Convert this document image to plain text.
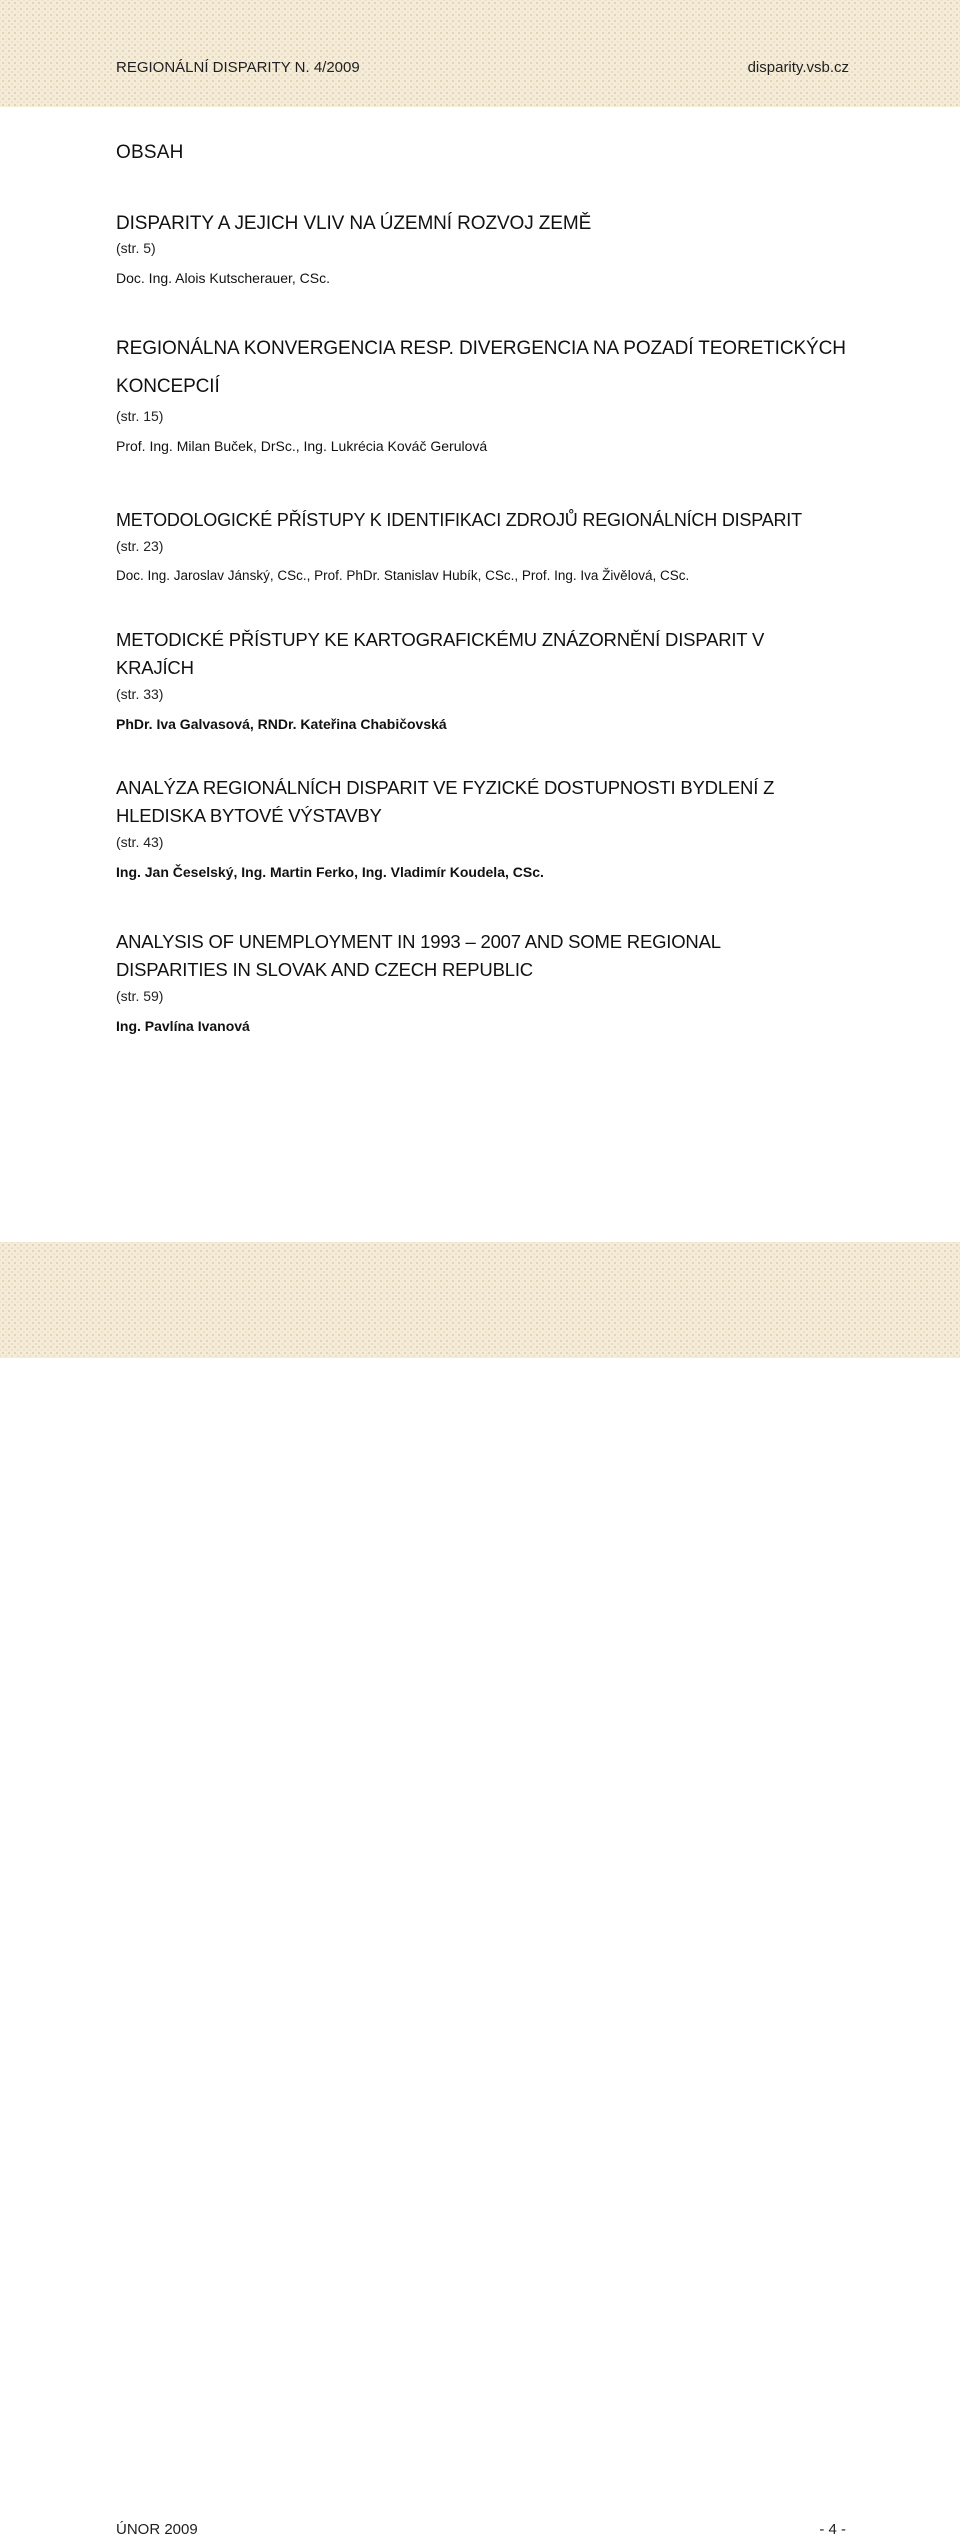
REGIONÁLNÍ DISPARITY N. 4/2009	disparity.vsb.cz
OBSAH
DISPARITY A JEJICH VLIV NA ÚZEMNÍ ROZVOJ ZEMĚ
(str. 5)
Doc. Ing. Alois Kutscherauer, CSc.
REGIONÁLNA KONVERGENCIA RESP. DIVERGENCIA NA POZADÍ TEORETICKÝCH KONCEPCIÍ
(str. 15)
Prof. Ing. Milan Buček, DrSc., Ing. Lukrécia Kováč Gerulová
METODOLOGICKÉ PŘÍSTUPY K IDENTIFIKACI ZDROJŮ REGIONÁLNÍCH DISPARIT
(str. 23)
Doc. Ing. Jaroslav Jánský, CSc., Prof. PhDr. Stanislav Hubík, CSc., Prof. Ing. Iva Živělová, CSc.
METODICKÉ PŘÍSTUPY KE KARTOGRAFICKÉMU ZNÁZORNĚNÍ DISPARIT V KRAJÍCH
(str. 33)
PhDr. Iva Galvasová, RNDr. Kateřina Chabičovská
ANALÝZA REGIONÁLNÍCH DISPARIT VE FYZICKÉ DOSTUPNOSTI BYDLENÍ Z HLEDISKA BYTOVÉ VÝSTAVBY
(str. 43)
Ing. Jan Česelský, Ing. Martin Ferko, Ing. Vladimír Koudela, CSc.
ANALYSIS OF UNEMPLOYMENT IN 1993 – 2007 AND SOME REGIONAL DISPARITIES IN SLOVAK AND CZECH REPUBLIC
(str. 59)
Ing. Pavlína Ivanová
ÚNOR 2009	- 4 -
